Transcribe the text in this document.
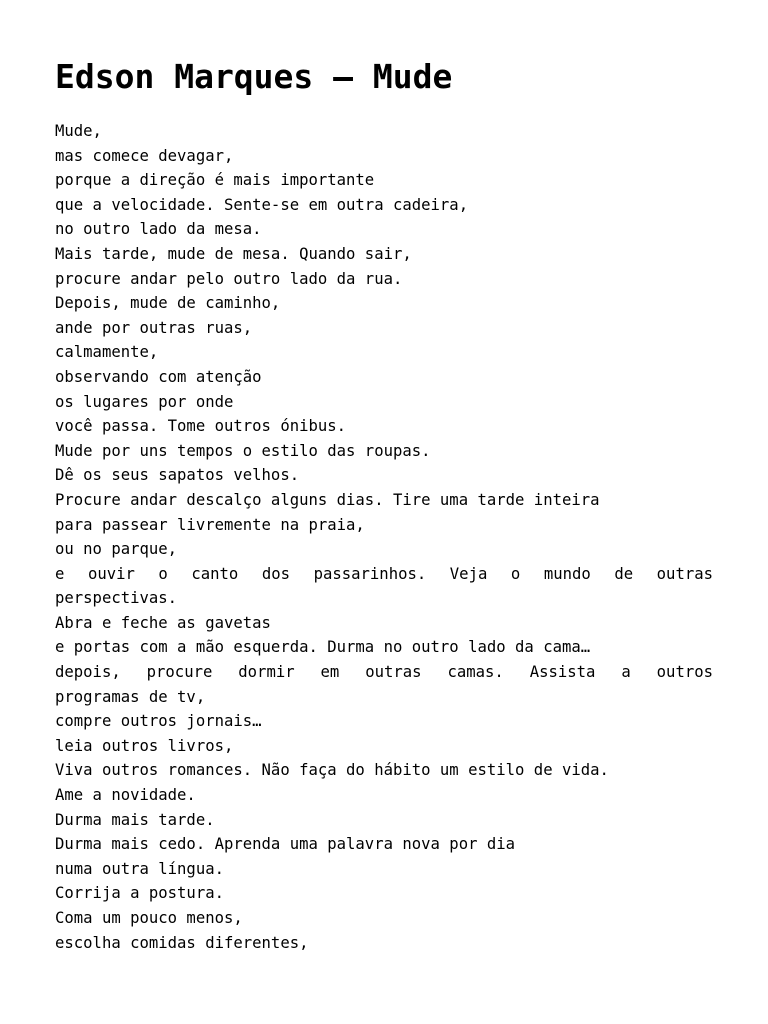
Edson Marques — Mude
Mude,
mas comece devagar,
porque a direção é mais importante
que a velocidade. Sente-se em outra cadeira,
no outro lado da mesa.
Mais tarde, mude de mesa. Quando sair,
procure andar pelo outro lado da rua.
Depois, mude de caminho,
ande por outras ruas,
calmamente,
observando com atenção
os lugares por onde
você passa. Tome outros ónibus.
Mude por uns tempos o estilo das roupas.
Dê os seus sapatos velhos.
Procure andar descalço alguns dias. Tire uma tarde inteira
para passear livremente na praia,
ou no parque,
e ouvir o canto dos passarinhos. Veja o mundo de outras
perspectivas.
Abra e feche as gavetas
e portas com a mão esquerda. Durma no outro lado da cama…
depois, procure dormir em outras camas. Assista a outros
programas de tv,
compre outros jornais…
leia outros livros,
Viva outros romances. Não faça do hábito um estilo de vida.
Ame a novidade.
Durma mais tarde.
Durma mais cedo. Aprenda uma palavra nova por dia
numa outra língua.
Corrija a postura.
Coma um pouco menos,
escolha comidas diferentes,
